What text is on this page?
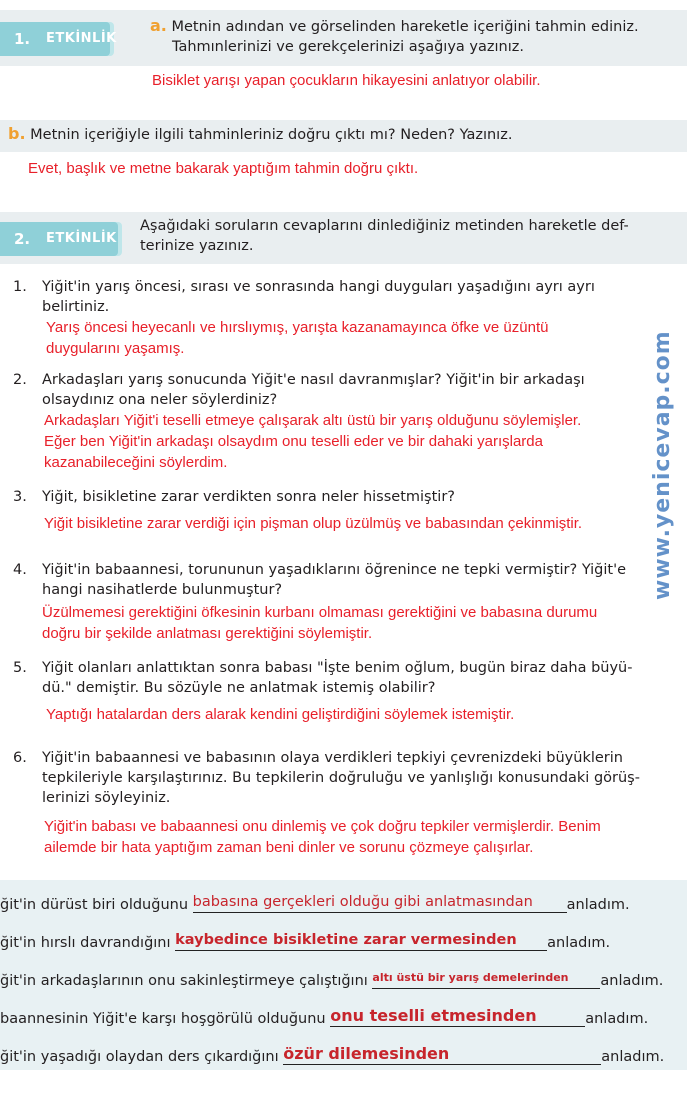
1. ETKİNLİK
a. Metnin adından ve görselinden hareketle içeriğini tahmin ediniz.
Tahmınlerinizi ve gerekçelerinizi aşağıya yazınız.
Bisiklet yarışı yapan çocukların hikayesini anlatıyor olabilir.
b. Metnin içeriğiyle ilgili tahminleriniz doğru çıktı mı? Neden? Yazınız.
Evet, başlık ve metne bakarak yaptığım tahmin doğru çıktı.
2. ETKİNLİK
Aşağıdaki soruların cevaplarını dinlediğiniz metinden hareketle def-
terinize yazınız.
1. Yiğit'in yarış öncesi, sırası ve sonrasında hangi duyguları yaşadığını ayrı ayrı
belirtiniz.
Yarış öncesi heyecanlı ve hırslıymış, yarışta kazanamayınca öfke ve üzüntü
duygularını yaşamış.
2. Arkadaşları yarış sonucunda Yiğit'e nasıl davranmışlar? Yiğit'in bir arkadaşı
olsaydınız ona neler söylerdiniz?
Arkadaşları Yiğit'i teselli etmeye çalışarak altı üstü bir yarış olduğunu söylemişler.
Eğer ben Yiğit'in arkadaşı olsaydım onu teselli eder ve bir dahaki yarışlarda
kazanabileceğini söylerdim.
3. Yiğit, bisikletine zarar verdikten sonra neler hissetmiştir?
Yiğit bisikletine zarar verdiği için pişman olup üzülmüş ve babasından çekinmiştir.
4. Yiğit'in babaannesi, torununun yaşadıklarını öğrenince ne tepki vermiştir? Yiğit'e
hangi nasihatlerde bulunmuştur?
Üzülmemesi gerektiğini öfkesinin kurbanı olmaması gerektiğini ve babasına durumu
doğru bir şekilde anlatması gerektiğini söylemiştir.
5. Yiğit olanları anlattıktan sonra babası "İşte benim oğlum, bugün biraz daha büyü-
dü." demiştir. Bu sözüyle ne anlatmak istemiş olabilir?
Yaptığı hatalardan ders alarak kendini geliştirdiğini söylemek istemiştir.
6. Yiğit'in babaannesi ve babasının olaya verdikleri tepkiyi çevrenizdeki büyüklerin
tepkileriyle karşılaştırınız. Bu tepkilerin doğruluğu ve yanlışlığı konusundaki görüş-
lerinizi söyleyiniz.
Yiğit'in babası ve babaannesi onu dinlemiş ve çok doğru tepkiler vermişlerdir. Benim
ailemde bir hata yaptığım zaman beni dinler ve sorunu çözmeye çalışırlar.
www.yenicevap.com
ğit'in dürüst biri olduğunu babasına gerçekleri olduğu gibi anlatmasından anladım.
ğit'in hırslı davrandığını kaybedince bisikletine zarar vermesinden anladım.
ğit'in arkadaşlarının onu sakinleştirmeye çalıştığını altı üstü bir yarış demelerinden anladım.
baannesinin Yiğit'e karşı hoşgörülü olduğunu onu teselli etmesinden	anladım.
ğit'in yaşadığı olaydan ders çıkardığını özür dilemesinden	anladım.
